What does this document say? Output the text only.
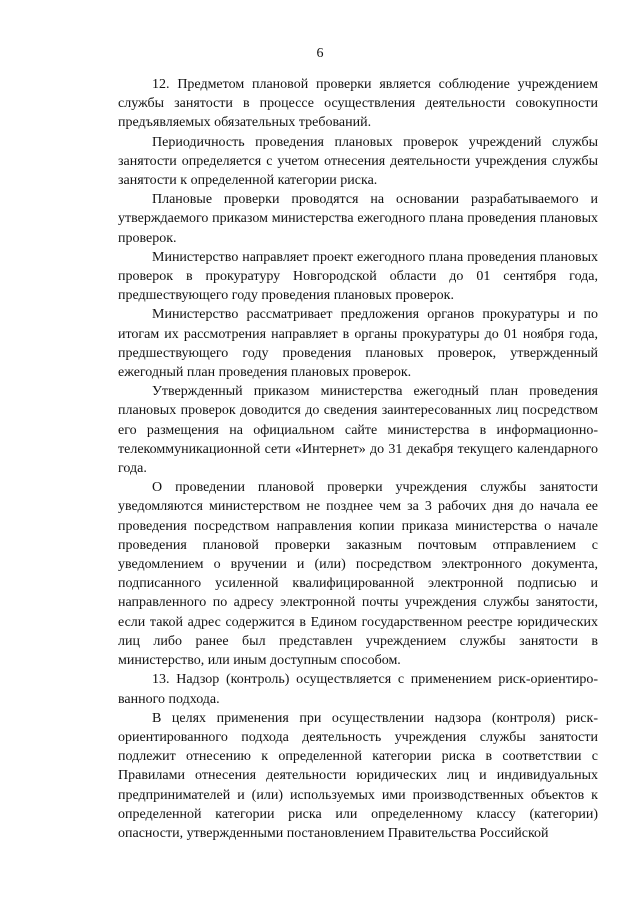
6

12. Предметом плановой проверки является соблюдение учреждением службы занятости в процессе осуществления деятельности совокупности предъявляемых обязательных требований.

Периодичность проведения плановых проверок учреждений службы занятости определяется с учетом отнесения деятельности учреждения службы занятости к определенной категории риска.

Плановые проверки проводятся на основании разрабатываемого и утверждаемого приказом министерства ежегодного плана проведения плановых проверок.

Министерство направляет проект ежегодного плана проведения плановых проверок в прокуратуру Новгородской области до 01 сентября года, предшествующего году проведения плановых проверок.

Министерство рассматривает предложения органов прокуратуры и по итогам их рассмотрения направляет в органы прокуратуры до 01 ноября года, предшествующего году проведения плановых проверок, утвержденный ежегодный план проведения плановых проверок.

Утвержденный приказом министерства ежегодный план проведения плановых проверок доводится до сведения заинтересованных лиц посредством его размещения на официальном сайте министерства в информационно-телекоммуникационной сети «Интернет» до 31 декабря текущего календарного года.

О проведении плановой проверки учреждения службы занятости уведомляются министерством не позднее чем за 3 рабочих дня до начала ее проведения посредством направления копии приказа министерства о начале проведения плановой проверки заказным почтовым отправлением с уведомлением о вручении и (или) посредством электронного документа, подписанного усиленной квалифицированной электронной подписью и направленного по адресу электронной почты учреждения службы занятости, если такой адрес содержится в Едином государственном реестре юридических лиц либо ранее был представлен учреждением службы занятости в министерство, или иным доступным способом.

13. Надзор (контроль) осуществляется с применением риск-ориентированного подхода.

В целях применения при осуществлении надзора (контроля) риск-ориентированного подхода деятельность учреждения службы занятости подлежит отнесению к определенной категории риска в соответствии с Правилами отнесения деятельности юридических лиц и индивидуальных предпринимателей и (или) используемых ими производственных объектов к определенной категории риска или определенному классу (категории) опасности, утвержденными постановлением Правительства Российской
